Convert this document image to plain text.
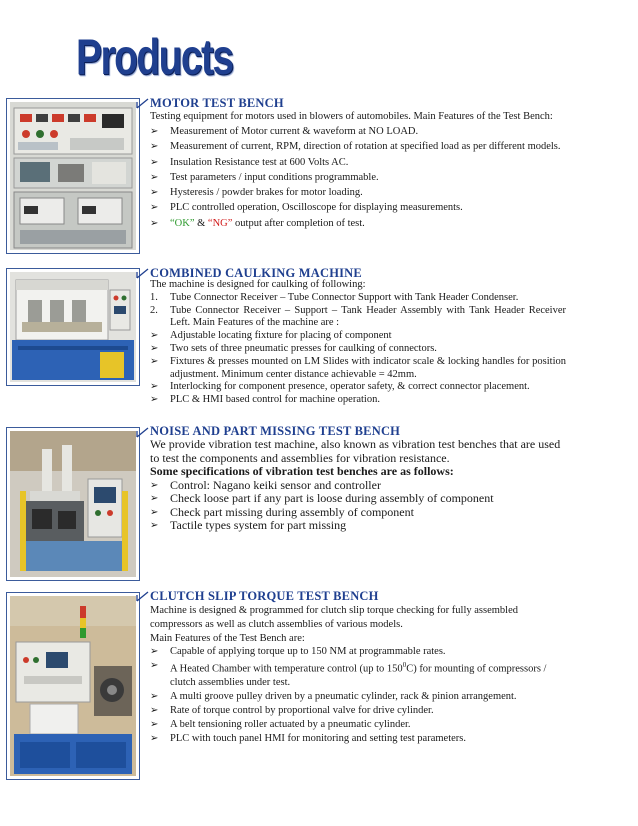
Products
MOTOR TEST BENCH

Testing equipment for motors used in blowers of automobiles. Main Features of the Test Bench:

➢ Measurement of Motor current & waveform at NO LOAD.
➢ Measurement of current, RPM, direction of rotation at specified load as per different models.
➢ Insulation Resistance test at 600 Volts AC.
➢ Test parameters / input conditions programmable.
➢ Hysteresis / powder brakes for motor loading.
➢ PLC controlled operation, Oscilloscope for displaying measurements.
➢ “OK” & “NG” output after completion of test.
COMBINED CAULKING MACHINE

The machine is designed for caulking of following:

1. Tube Connector Receiver – Tube Connector Support with Tank Header Condenser.
2. Tube Connector Receiver – Support – Tank Header Assembly with Tank Header Receiver Left. Main Features of the machine are :
➢ Adjustable locating fixture for placing of component
➢ Two sets of three pneumatic presses for caulking of connectors.
➢ Fixtures & presses mounted on LM Slides with indicator scale & locking handles for position adjustment. Minimum center distance achievable = 42mm.
➢ Interlocking for component presence, operator safety, & correct connector placement.
➢ PLC & HMI based control for machine operation.
NOISE AND PART MISSING TEST BENCH

We provide vibration test machine, also known as vibration test benches that are used to test the components and assemblies for vibration resistance.

Some specifications of vibration test benches are as follows:

➢ Control: Nagano keiki sensor and controller
➢ Check loose part if any part is loose during assembly of component
➢ Check part missing during assembly of component
➢ Tactile types system for part missing
CLUTCH SLIP TORQUE TEST BENCH

Machine is designed & programmed for clutch slip torque checking for fully assembled compressors as well as clutch assemblies of various models.

Main Features of the Test Bench are:

➢ Capable of applying torque up to 150 NM at programmable rates.
➢ A Heated Chamber with temperature control (up to $150^0C$) for mounting of compressors / clutch assemblies under test.
➢ A multi groove pulley driven by a pneumatic cylinder, rack & pinion arrangement.
➢ Rate of torque control by proportional valve for drive cylinder.
➢ A belt tensioning roller actuated by a pneumatic cylinder.
➢ PLC with touch panel HMI for monitoring and setting test parameters.
